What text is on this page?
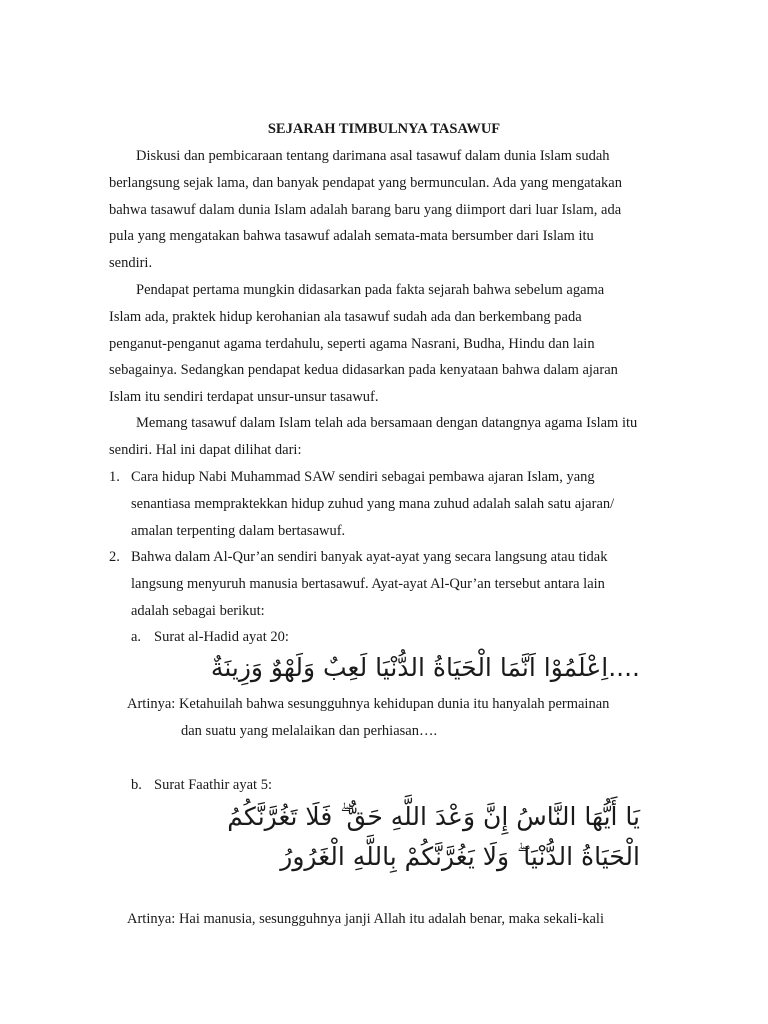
SEJARAH TIMBULNYA TASAWUF

Diskusi dan pembicaraan tentang darimana asal tasawuf dalam dunia Islam sudah berlangsung sejak lama, dan banyak pendapat yang bermunculan. Ada yang mengatakan bahwa tasawuf dalam dunia Islam adalah barang baru yang diimport dari luar Islam, ada pula yang mengatakan bahwa tasawuf adalah semata-mata bersumber dari Islam itu sendiri.

Pendapat pertama mungkin didasarkan pada fakta sejarah bahwa sebelum agama Islam ada, praktek hidup kerohanian ala tasawuf sudah ada dan berkembang pada penganut-penganut agama terdahulu, seperti agama Nasrani, Budha, Hindu dan lain sebagainya. Sedangkan pendapat kedua didasarkan pada kenyataan bahwa dalam ajaran Islam itu sendiri terdapat unsur-unsur tasawuf.

Memang tasawuf dalam Islam telah ada bersamaan dengan datangnya agama Islam itu sendiri. Hal ini dapat dilihat dari:

1. Cara hidup Nabi Muhammad SAW sendiri sebagai pembawa ajaran Islam, yang senantiasa mempraktekkan hidup zuhud yang mana zuhud adalah salah satu ajaran/ amalan terpenting dalam bertasawuf.
2. Bahwa dalam Al-Qur’an sendiri banyak ayat-ayat yang secara langsung atau tidak langsung menyuruh manusia bertasawuf. Ayat-ayat Al-Qur’an tersebut antara lain adalah sebagai berikut:
a. Surat al-Hadid ayat 20:
....اِعْلَمُوْا اَنَّمَا الْحَيَاةُ الدُّنْيَا لَعِبٌ وَلَهْوٌ وَزِينَةٌ
Artinya: Ketahuilah bahwa sesungguhnya kehidupan dunia itu hanyalah permainan
dan suatu yang melalaikan dan perhiasan….
b. Surat Faathir ayat 5:
يَا أَيُّهَا النَّاسُ إِنَّ وَعْدَ اللَّهِ حَقٌّ ۖ فَلَا تَغُرَّنَّكُمُ
الْحَيَاةُ الدُّنْيَا ۖ وَلَا يَغُرَّنَّكُمْ بِاللَّهِ الْغَرُورُ
Artinya: Hai manusia, sesungguhnya janji Allah itu adalah benar, maka sekali-kali
